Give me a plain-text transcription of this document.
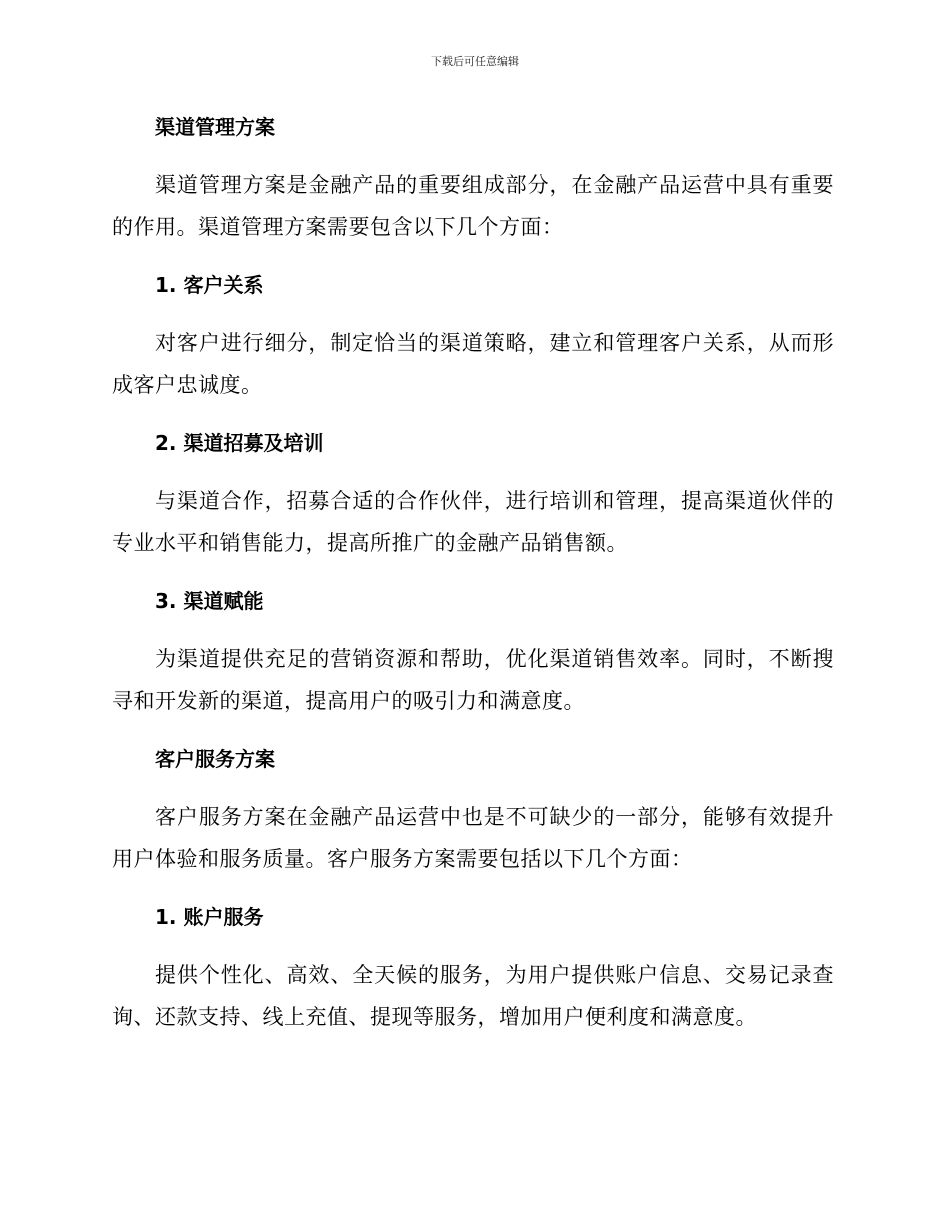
下载后可任意编辑
渠道管理方案

渠道管理方案是金融产品的重要组成部分，在金融产品运营中具有重要的作用。渠道管理方案需要包含以下几个方面：

1. 客户关系

对客户进行细分，制定恰当的渠道策略，建立和管理客户关系，从而形成客户忠诚度。

2. 渠道招募及培训

与渠道合作，招募合适的合作伙伴，进行培训和管理，提高渠道伙伴的专业水平和销售能力，提高所推广的金融产品销售额。

3. 渠道赋能

为渠道提供充足的营销资源和帮助，优化渠道销售效率。同时，不断搜寻和开发新的渠道，提高用户的吸引力和满意度。

客户服务方案

客户服务方案在金融产品运营中也是不可缺少的一部分，能够有效提升用户体验和服务质量。客户服务方案需要包括以下几个方面：

1. 账户服务

提供个性化、高效、全天候的服务，为用户提供账户信息、交易记录查询、还款支持、线上充值、提现等服务，增加用户便利度和满意度。
